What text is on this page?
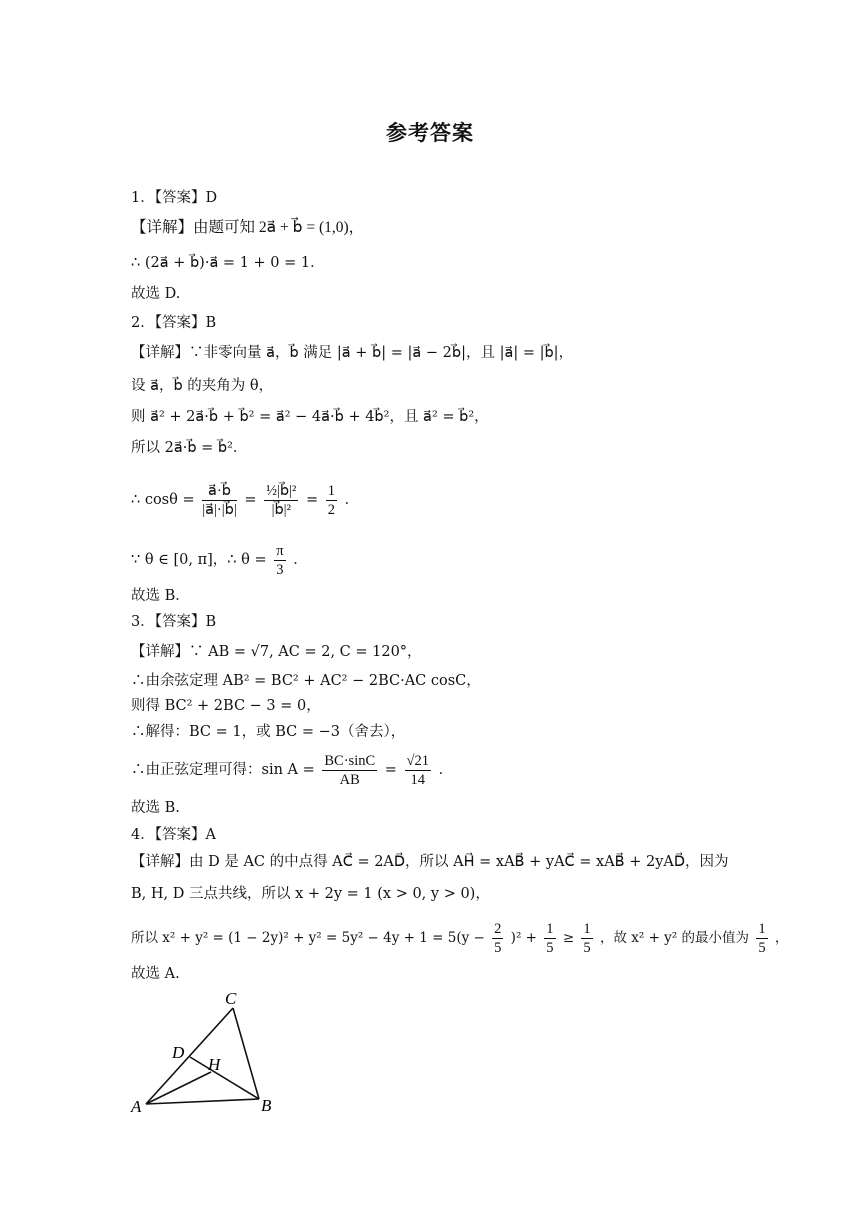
参考答案
1．【答案】D
【详解】由题可知 2a⃗ + b⃗ = (1,0)，
∴ (2a⃗ + b⃗)·a⃗ = 1 + 0 = 1．
故选 D.
2．【答案】B
【详解】∵非零向量 a⃗，b⃗ 满足 |a⃗ + b⃗| = |a⃗ − 2b⃗|，且 |a⃗| = |b⃗|，
设 a⃗，b⃗ 的夹角为 θ，
则 a⃗² + 2a⃗·b⃗ + b⃗² = a⃗² − 4a⃗·b⃗ + 4b⃗²，且 a⃗² = b⃗²，
所以 2a⃗·b⃗ = b⃗²．
∴ $\cos\theta = \frac{a⃗\cdot b⃗}{|a⃗|\cdot|b⃗|} = \frac{\text{½|b⃗|²}}{\text{|b⃗|²}} = \frac{1}{2}$ ．
∵ θ ∈ [0, π]，∴ $\theta = \frac{\pi}{3}$ ．
故选 B．
3．【答案】B
【详解】∵ AB = √7, AC = 2, C = 120°，
∴由余弦定理 AB² = BC² + AC² − 2BC·AC cosC，
则得 BC² + 2BC − 3 = 0，
∴解得：BC = 1，或 BC = −3（舍去），
∴由正弦定理可得：$\sin A = \frac{BC\cdot\sin C}{AB} = \frac{√21}{14}$ ．
故选 B.
4．【答案】A
【详解】由 D 是 AC 的中点得 AC⃗ = 2AD⃗，所以 AH⃗ = xAB⃗ + yAC⃗ = xAB⃗ + 2yAD⃗，因为
B, H, D 三点共线，所以 x + 2y = 1 (x > 0, y > 0)，
所以 $x^2 + y^2 = (1 - 2y)^2 + y^2 = 5y^2 - 4y + 1 = 5(y - \frac{2}{5} )^2 + \frac{1}{5} \ge \frac{1}{5}$ ，故 x² + y² 的最小值为 $\frac{1}{5}$ ，
故选 A.
C
D
H
A	B
